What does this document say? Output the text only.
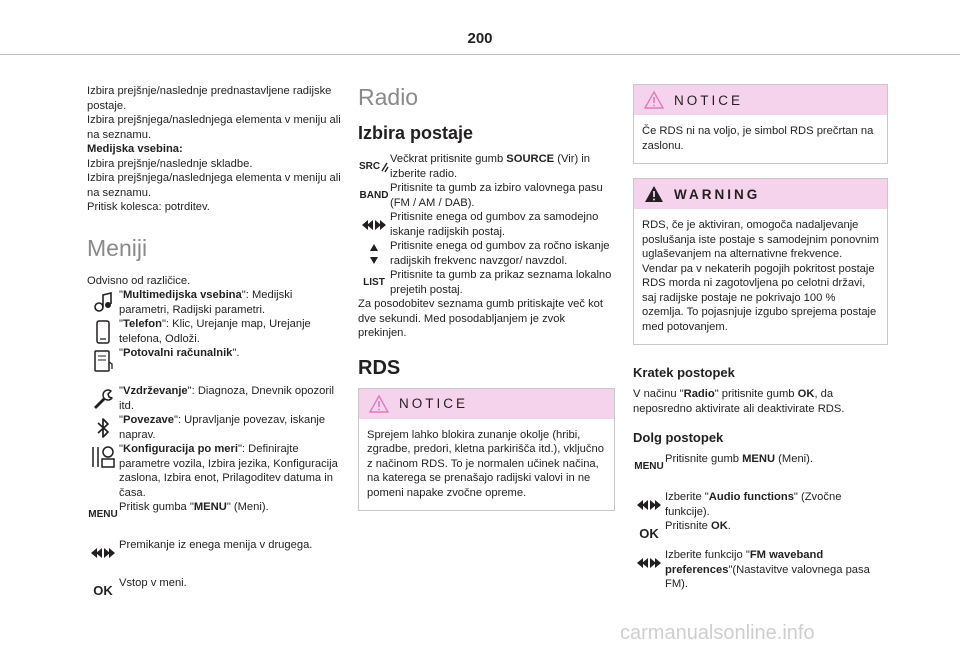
200

Izbira prejšnje/naslednje prednastavljene radijske postaje.

Izbira prejšnjega/naslednjega elementa v meniju ali na seznamu.

Medijska vsebina:

Izbira prejšnje/naslednje skladbe.

Izbira prejšnjega/naslednjega elementa v meniju ali na seznamu.

Pritisk kolesca: potrditev.

Meniji

Odvisno od različice.

"Multimedijska vsebina": Medijski parametri, Radijski parametri.

"Telefon": Klic, Urejanje map, Urejanje telefona, Odloži.

"Potovalni računalnik".

"Vzdrževanje": Diagnoza, Dnevnik opozoril itd.

"Povezave": Upravljanje povezav, iskanje naprav.

"Konfiguracija po meri": Definirajte parametre vozila, Izbira jezika, Konfiguracija zaslona, Izbira enot, Prilagoditev datuma in časa.

MENU

Pritisk gumba "MENU" (Meni).

Premikanje iz enega menija v drugega.

OK Vstop v meni.

Radio
Izbira postaje
SRC

Večkrat pritisnite gumb SOURCE (Vir) in izberite radio.

BAND

Pritisnite ta gumb za izbiro valovnega pasu (FM / AM / DAB).

Pritisnite enega od gumbov za samodejno iskanje radijskih postaj.

Pritisnite enega od gumbov za ročno iskanje radijskih frekvenc navzgor/ navzdol.

LIST

Pritisnite ta gumb za prikaz seznama lokalno prejetih postaj.

Za posodobitev seznama gumb pritiskajte več kot dve sekundi. Med posodabljanjem je zvok prekinjen.

RDS
NOTICE

Sprejem lahko blokira zunanje okolje (hribi, zgradbe, predori, kletna parkirišča itd.), vključno z načinom RDS. To je normalen učinek načina, na katerega se prenašajo radijski valovi in ne pomeni napake zvočne opreme.

NOTICE

Če RDS ni na voljo, je simbol RDS prečrtan na zaslonu.

WARNING

RDS, če je aktiviran, omogoča nadaljevanje poslušanja iste postaje s samodejnim ponovnim uglaševanjem na alternativne frekvence. Vendar pa v nekaterih pogojih pokritost postaje RDS morda ni zagotovljena po celotni državi, saj radijske postaje ne pokrivajo 100 % ozemlja. To pojasnjuje izgubo sprejema postaje med potovanjem.

Kratek postopek

V načinu "Radio" pritisnite gumb OK, da neposredno aktivirate ali deaktivirate RDS.

Dolg postopek
MENU

Pritisnite gumb MENU (Meni).

Izberite "Audio functions" (Zvočne funkcije).

OK Pritisnite OK.

Izberite funkcijo "FM waveband preferences"(Nastavitve valovnega pasa FM).

carmanualsonline.info
